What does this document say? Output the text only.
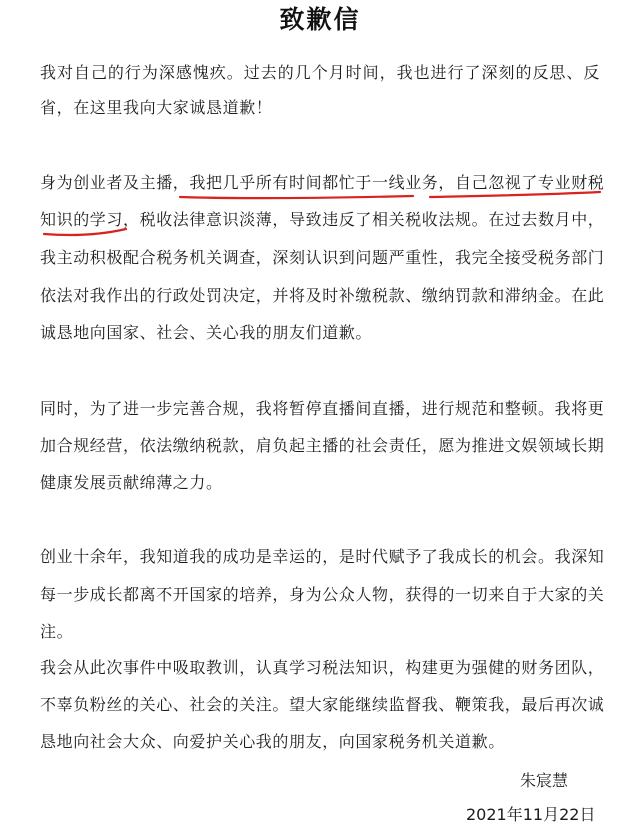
致歉信
我对自己的行为深感愧疚。过去的几个月时间，我也进行了深刻的反思、反
省，在这里我向大家诚恳道歉！
身为创业者及主播，我把几乎所有时间都忙于一线业务，自己忽视了专业财税
知识的学习，税收法律意识淡薄，导致违反了相关税收法规。在过去数月中，
我主动积极配合税务机关调查，深刻认识到问题严重性，我完全接受税务部门
依法对我作出的行政处罚决定，并将及时补缴税款、缴纳罚款和滞纳金。在此
诚恳地向国家、社会、关心我的朋友们道歉。
同时，为了进一步完善合规，我将暂停直播间直播，进行规范和整顿。我将更
加合规经营，依法缴纳税款，肩负起主播的社会责任，愿为推进文娱领域长期
健康发展贡献绵薄之力。
创业十余年，我知道我的成功是幸运的，是时代赋予了我成长的机会。我深知
每一步成长都离不开国家的培养，身为公众人物，获得的一切来自于大家的关
注。
我会从此次事件中吸取教训，认真学习税法知识，构建更为强健的财务团队，
不辜负粉丝的关心、社会的关注。望大家能继续监督我、鞭策我，最后再次诚
恳地向社会大众、向爱护关心我的朋友，向国家税务机关道歉。
朱宸慧
2021年11月22日
